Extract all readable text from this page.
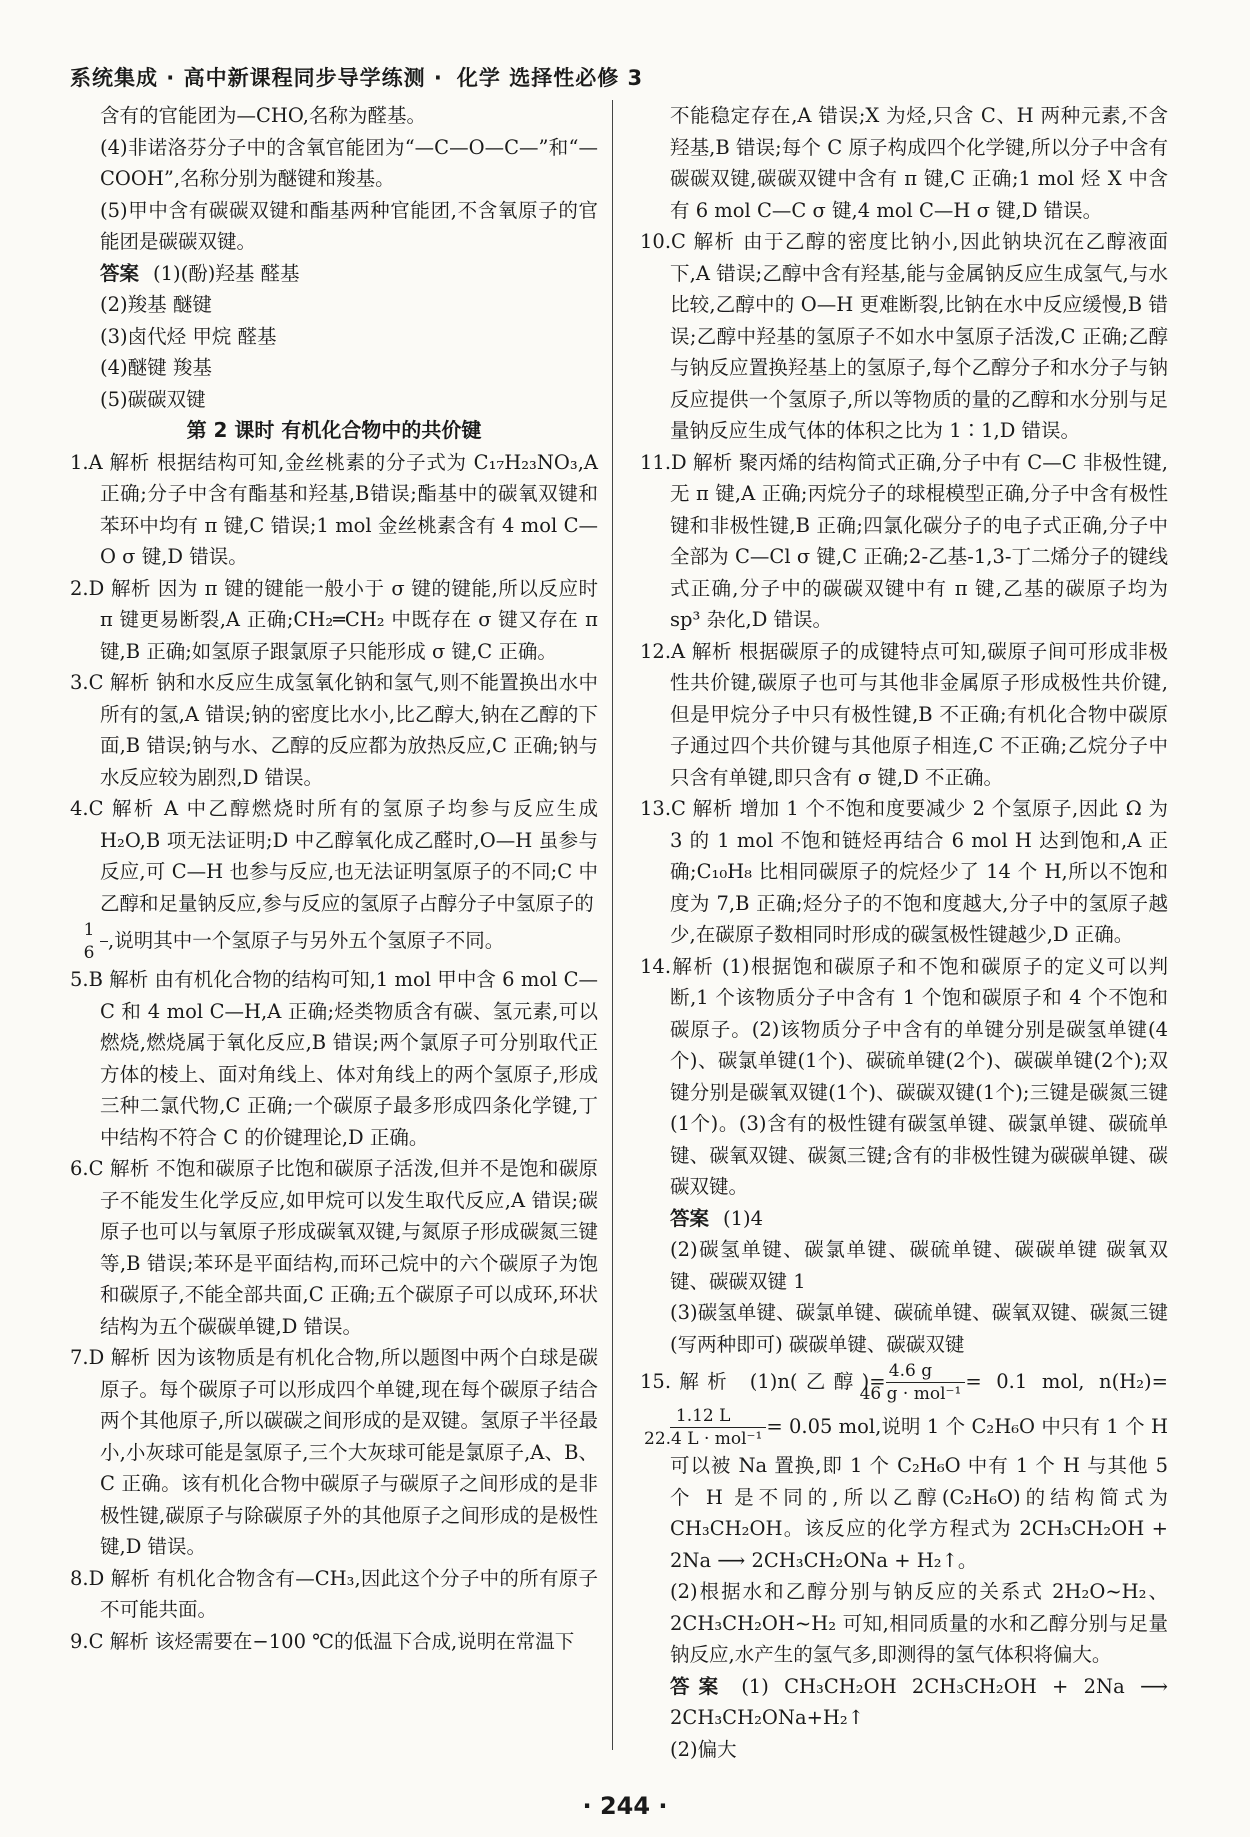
系统集成 · 高中新课程同步导学练测 · 化学 选择性必修 3

含有的官能团为—CHO,名称为醛基。

(4)非诺洛芬分子中的含氧官能团为“—C—O—C—”和“—COOH”,名称分别为醚键和羧基。

(5)甲中含有碳碳双键和酯基两种官能团,不含氧原子的官能团是碳碳双键。

答案 (1)(酚)羟基 醛基

(2)羧基 醚键

(3)卤代烃 甲烷 醛基

(4)醚键 羧基

(5)碳碳双键

第 2 课时 有机化合物中的共价键

1.A 解析 根据结构可知,金丝桃素的分子式为 C₁₇H₂₃NO₃,A 正确;分子中含有酯基和羟基,B错误;酯基中的碳氧双键和苯环中均有 π 键,C 错误;1 mol 金丝桃素含有 4 mol C—O σ 键,D 错误。

2.D 解析 因为 π 键的键能一般小于 σ 键的键能,所以反应时 π 键更易断裂,A 正确;CH₂═CH₂ 中既存在 σ 键又存在 π 键,B 正确;如氢原子跟氯原子只能形成 σ 键,C 正确。

3.C 解析 钠和水反应生成氢氧化钠和氢气,则不能置换出水中所有的氢,A 错误;钠的密度比水小,比乙醇大,钠在乙醇的下面,B 错误;钠与水、乙醇的反应都为放热反应,C 正确;钠与水反应较为剧烈,D 错误。

4.C 解析 A 中乙醇燃烧时所有的氢原子均参与反应生成 H₂O,B 项无法证明;D 中乙醇氧化成乙醛时,O—H 虽参与反应,可 C—H 也参与反应,也无法证明氢原子的不同;C 中乙醇和足量钠反应,参与反应的氢原子占醇分子中氢原子的

$\frac{1}{6}$ ,说明其中一个氢原子与另外五个氢原子不同。

5.B 解析 由有机化合物的结构可知,1 mol 甲中含 6 mol C—C 和 4 mol C—H,A 正确;烃类物质含有碳、氢元素,可以燃烧,燃烧属于氧化反应,B 错误;两个氯原子可分别取代正方体的棱上、面对角线上、体对角线上的两个氢原子,形成三种二氯代物,C 正确;一个碳原子最多形成四条化学键,丁中结构不符合 C 的价键理论,D 正确。

6.C 解析 不饱和碳原子比饱和碳原子活泼,但并不是饱和碳原子不能发生化学反应,如甲烷可以发生取代反应,A 错误;碳原子也可以与氧原子形成碳氧双键,与氮原子形成碳氮三键等,B 错误;苯环是平面结构,而环己烷中的六个碳原子为饱和碳原子,不能全部共面,C 正确;五个碳原子可以成环,环状结构为五个碳碳单键,D 错误。

7.D 解析 因为该物质是有机化合物,所以题图中两个白球是碳原子。每个碳原子可以形成四个单键,现在每个碳原子结合两个其他原子,所以碳碳之间形成的是双键。氢原子半径最小,小灰球可能是氢原子,三个大灰球可能是氯原子,A、B、C 正确。该有机化合物中碳原子与碳原子之间形成的是非极性键,碳原子与除碳原子外的其他原子之间形成的是极性键,D 错误。

8.D 解析 有机化合物含有—CH₃,因此这个分子中的所有原子不可能共面。

9.C 解析 该烃需要在−100 ℃的低温下合成,说明在常温下

不能稳定存在,A 错误;X 为烃,只含 C、H 两种元素,不含羟基,B 错误;每个 C 原子构成四个化学键,所以分子中含有碳碳双键,碳碳双键中含有 π 键,C 正确;1 mol 烃 X 中含有 6 mol C—C σ 键,4 mol C—H σ 键,D 错误。

10.C 解析 由于乙醇的密度比钠小,因此钠块沉在乙醇液面下,A 错误;乙醇中含有羟基,能与金属钠反应生成氢气,与水比较,乙醇中的 O—H 更难断裂,比钠在水中反应缓慢,B 错误;乙醇中羟基的氢原子不如水中氢原子活泼,C 正确;乙醇与钠反应置换羟基上的氢原子,每个乙醇分子和水分子与钠反应提供一个氢原子,所以等物质的量的乙醇和水分别与足量钠反应生成气体的体积之比为 1∶1,D 错误。

11.D 解析 聚丙烯的结构简式正确,分子中有 C—C 非极性键,无 π 键,A 正确;丙烷分子的球棍模型正确,分子中含有极性键和非极性键,B 正确;四氯化碳分子的电子式正确,分子中全部为 C—Cl σ 键,C 正确;2-乙基-1,3-丁二烯分子的键线式正确,分子中的碳碳双键中有 π 键,乙基的碳原子均为 sp³ 杂化,D 错误。

12.A 解析 根据碳原子的成键特点可知,碳原子间可形成非极性共价键,碳原子也可与其他非金属原子形成极性共价键,但是甲烷分子中只有极性键,B 不正确;有机化合物中碳原子通过四个共价键与其他原子相连,C 不正确;乙烷分子中只含有单键,即只含有 σ 键,D 不正确。

13.C 解析 增加 1 个不饱和度要减少 2 个氢原子,因此 Ω 为 3 的 1 mol 不饱和链烃再结合 6 mol H 达到饱和,A 正确;C₁₀H₈ 比相同碳原子的烷烃少了 14 个 H,所以不饱和度为 7,B 正确;烃分子的不饱和度越大,分子中的氢原子越少,在碳原子数相同时形成的碳氢极性键越少,D 正确。

14.解析 (1)根据饱和碳原子和不饱和碳原子的定义可以判断,1 个该物质分子中含有 1 个饱和碳原子和 4 个不饱和碳原子。(2)该物质分子中含有的单键分别是碳氢单键(4个)、碳氯单键(1个)、碳硫单键(2个)、碳碳单键(2个);双键分别是碳氧双键(1个)、碳碳双键(1个);三键是碳氮三键(1个)。(3)含有的极性键有碳氢单键、碳氯单键、碳硫单键、碳氧双键、碳氮三键;含有的非极性键为碳碳单键、碳碳双键。

答案 (1)4

(2)碳氢单键、碳氯单键、碳硫单键、碳碳单键 碳氧双键、碳碳双键 1

(3)碳氢单键、碳氯单键、碳硫单键、碳氧双键、碳氮三键(写两种即可) 碳碳单键、碳碳双键

15.解析 (1)n(乙醇)= $\frac{4.6 g}{\text{46 g · mol⁻¹}} = 0.1$ mol, n(H₂)=
$\frac{1.12 L}{\text{22.4 L · mol⁻¹}} = 0.05$ mol,说明 1 个 C₂H₆O 中只有 1 个 H 可以被 Na 置换,即 1 个 C₂H₆O 中有 1 个 H 与其他 5 个 H 是不同的,所以乙醇(C₂H₆O)的结构简式为 CH₃CH₂OH。该反应的化学方程式为 2CH₃CH₂OH + 2Na ⟶ 2CH₃CH₂ONa + H₂↑。

(2)根据水和乙醇分别与钠反应的关系式 2H₂O~H₂、2CH₃CH₂OH~H₂ 可知,相同质量的水和乙醇分别与足量钠反应,水产生的氢气多,即测得的氢气体积将偏大。

答案 (1) CH₃CH₂OH 2CH₃CH₂OH + 2Na ⟶ 2CH₃CH₂ONa+H₂↑

(2)偏大

· 244 ·
